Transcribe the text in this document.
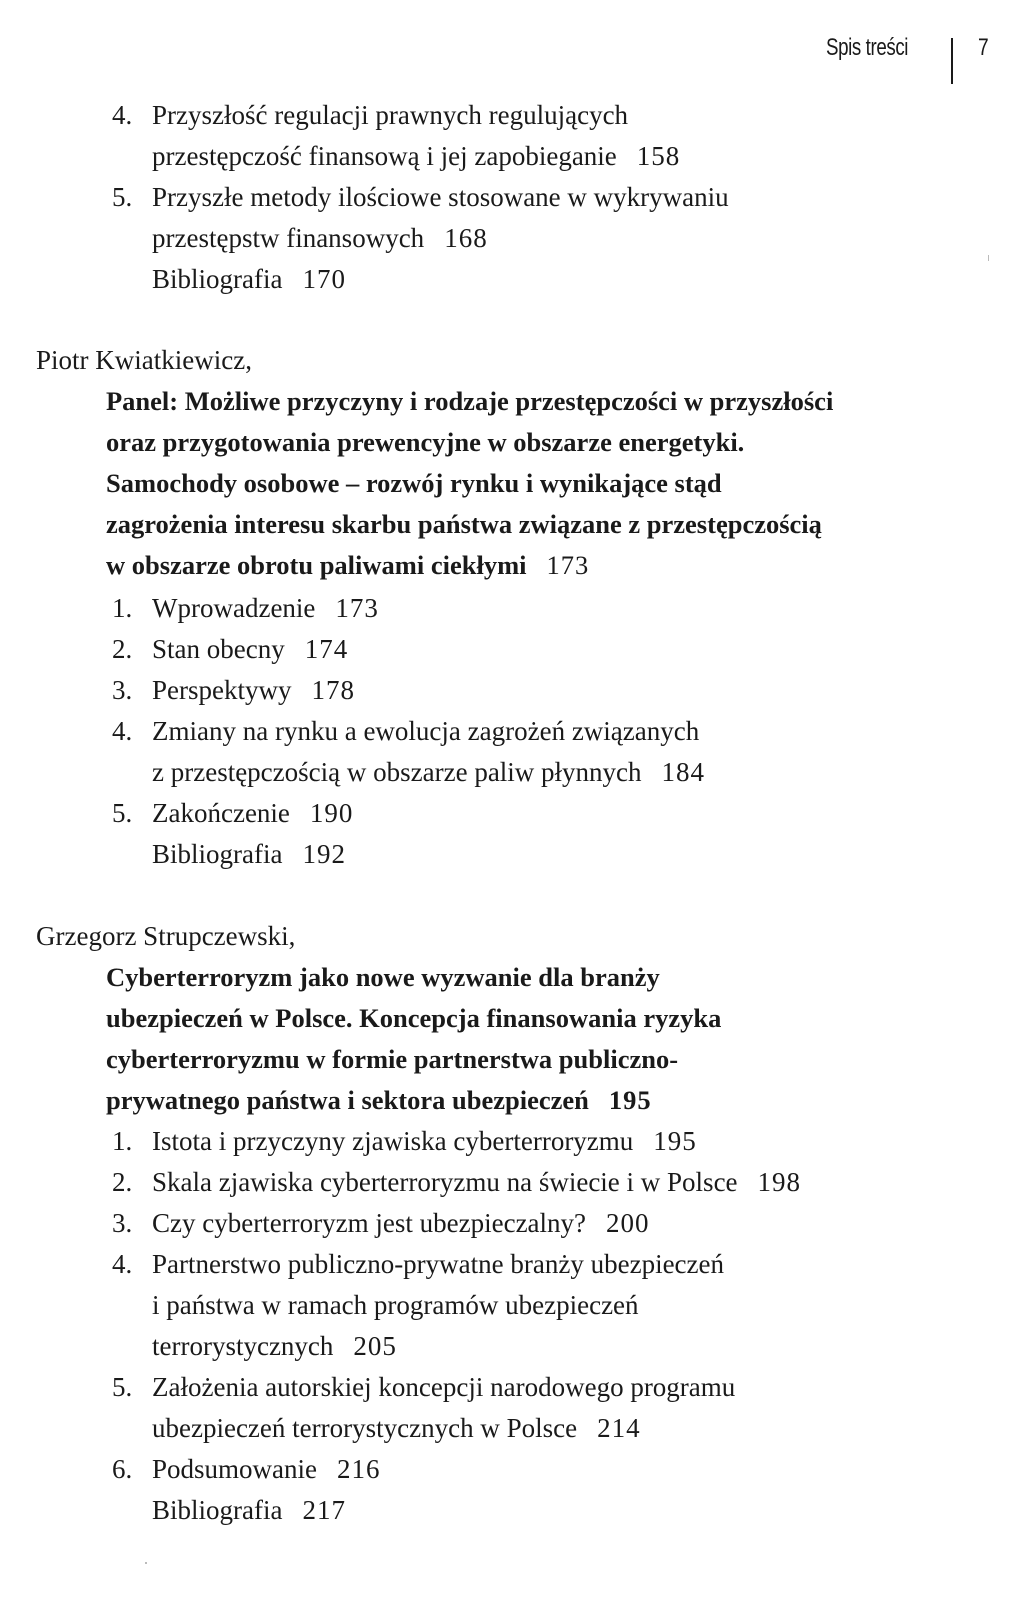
Spis treści	7
4. Przyszłość regulacji prawnych regulujących
przestępczość finansową i jej zapobieganie 158
5. Przyszłe metody ilościowe stosowane w wykrywaniu
przestępstw finansowych 168
Bibliografia 170
Piotr Kwiatkiewicz,
Panel: Możliwe przyczyny i rodzaje przestępczości w przyszłości
oraz przygotowania prewencyjne w obszarze energetyki.
Samochody osobowe – rozwój rynku i wynikające stąd
zagrożenia interesu skarbu państwa związane z przestępczością
w obszarze obrotu paliwami ciekłymi 173
1. Wprowadzenie 173
2. Stan obecny 174
3. Perspektywy 178
4. Zmiany na rynku a ewolucja zagrożeń związanych
z przestępczością w obszarze paliw płynnych 184
5. Zakończenie 190
Bibliografia 192
Grzegorz Strupczewski,
Cyberterroryzm jako nowe wyzwanie dla branży
ubezpieczeń w Polsce. Koncepcja finansowania ryzyka
cyberterroryzmu w formie partnerstwa publiczno-
prywatnego państwa i sektora ubezpieczeń 195
1. Istota i przyczyny zjawiska cyberterroryzmu 195
2. Skala zjawiska cyberterroryzmu na świecie i w Polsce 198
3. Czy cyberterroryzm jest ubezpieczalny? 200
4. Partnerstwo publiczno-prywatne branży ubezpieczeń
i państwa w ramach programów ubezpieczeń
terrorystycznych 205
5. Założenia autorskiej koncepcji narodowego programu
ubezpieczeń terrorystycznych w Polsce 214
6. Podsumowanie 216
Bibliografia 217
